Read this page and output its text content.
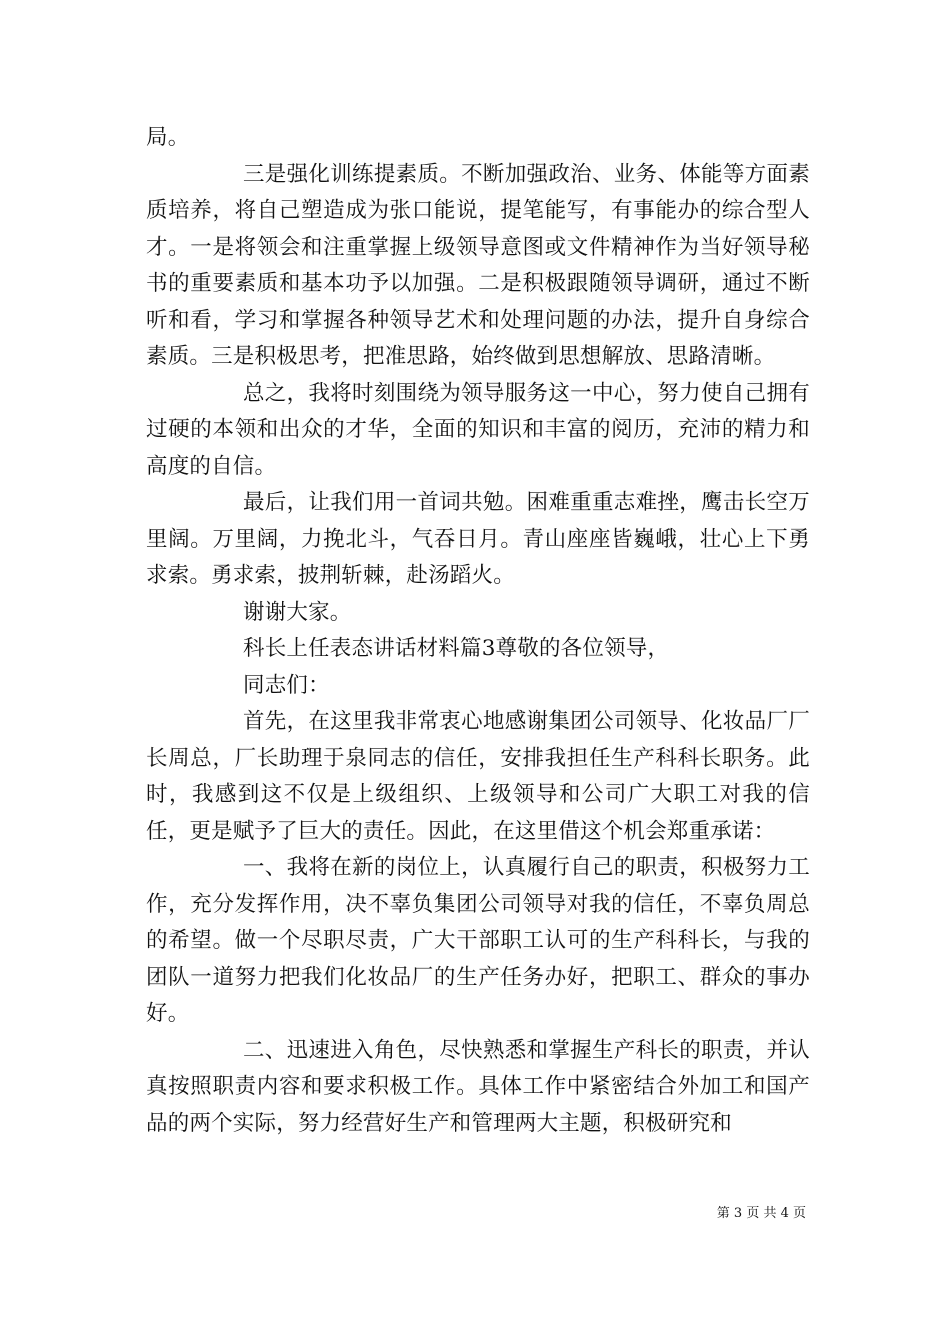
局。

三是强化训练提素质。不断加强政治、业务、体能等方面素质培养，将自己塑造成为张口能说，提笔能写，有事能办的综合型人才。一是将领会和注重掌握上级领导意图或文件精神作为当好领导秘书的重要素质和基本功予以加强。二是积极跟随领导调研，通过不断听和看，学习和掌握各种领导艺术和处理问题的办法，提升自身综合素质。三是积极思考，把准思路，始终做到思想解放、思路清晰。

总之，我将时刻围绕为领导服务这一中心，努力使自己拥有过硬的本领和出众的才华，全面的知识和丰富的阅历，充沛的精力和高度的自信。

最后，让我们用一首词共勉。困难重重志难挫，鹰击长空万里阔。万里阔，力挽北斗，气吞日月。青山座座皆巍峨，壮心上下勇求索。勇求索，披荆斩棘，赴汤蹈火。

谢谢大家。

科长上任表态讲话材料篇3尊敬的各位领导，

同志们：

首先，在这里我非常衷心地感谢集团公司领导、化妆品厂厂长周总，厂长助理于泉同志的信任，安排我担任生产科科长职务。此时，我感到这不仅是上级组织、上级领导和公司广大职工对我的信任，更是赋予了巨大的责任。因此，在这里借这个机会郑重承诺：

一、我将在新的岗位上，认真履行自己的职责，积极努力工作，充分发挥作用，决不辜负集团公司领导对我的信任，不辜负周总的希望。做一个尽职尽责，广大干部职工认可的生产科科长，与我的团队一道努力把我们化妆品厂的生产任务办好，把职工、群众的事办好。

二、迅速进入角色，尽快熟悉和掌握生产科长的职责，并认真按照职责内容和要求积极工作。具体工作中紧密结合外加工和国产品的两个实际，努力经营好生产和管理两大主题，积极研究和

第 3 页 共 4 页
